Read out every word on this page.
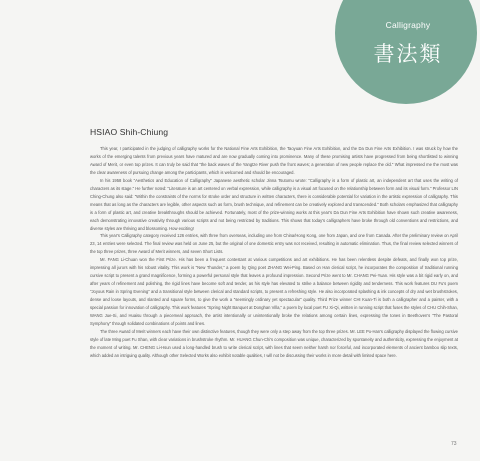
Calligraphy
書法類
HSIAO Shih-Chiung

This year, I participated in the judging of calligraphy works for the National Fine Arts Exhibition, the Taoyuan Fine Arts Exhibition, and the Da Dun Fine Arts Exhibition. I was struck by how the works of the emerging talents from previous years have matured and are now gradually coming into prominence. Many of these promising artists have progressed from being shortlisted to winning Award of Merit, or even top prizes. It can truly be said that "the back waves of the Yangtze River push the front waves; a generation of new people replace the old." What impressed me the most was the clear awareness of pursuing change among the participants, which is welcomed and should be encouraged.

In his 1958 book "Aesthetics and Education of Calligraphy" Japanese aesthetic scholar Jinna Tsutomu wrote: "Calligraphy is a form of plastic art, an independent art that uses the writing of characters as its stage." He further noted: "Literature is an art centered on verbal expression, while calligraphy is a visual art focused on the relationship between form and its visual form." Professor LIN Ching-Chung also said: "Within the constraints of the norms for stroke order and structure in written characters, there is considerable potential for variation in the artistic expression of calligraphy. This means that as long as the characters are legible, other aspects such as form, brush technique, and refinement can be creatively explored and transcended." Both scholars emphasized that calligraphy is a form of plastic art, and creative breakthroughs should be achieved. Fortunately, most of the prize-winning works at this year's Da Dun Fine Arts Exhibition have shown such creative awareness, each demonstrating innovative creativity through various scripts and not being restricted by traditions. This shows that today's calligraphers have broke through old conventions and restrictions, and diverse styles are thriving and blossoming. How exciting!

This year's Calligraphy category received 126 entries, with three from overseas, including one from China/Hong Kong, one from Japan, and one from Canada. After the preliminary review on April 23, 14 entries were selected. The final review was held on June 25, but the original of one domestic entry was not received, resulting in automatic elimination. Thus, the final review selected winners of the top three prizes, three Award of Merit winners, and seven Short Lists.

Mr. FANG Li-Chuan won the First Prize. His has been a frequent contestant at various competitions and art exhibitions. He has been relentless despite defeats, and finally won top prize, impressing all jurors with his robust vitality. This work is "New Thunder," a poem by Qing poet ZHANG Wei-Ping. Based on Han clerical script, he incorporates the composition of traditional running cursive script to present a grand magnificence, forming a powerful personal style that leaves a profound impression. Second Prize went to Mr. CHANG Pei-Yuan. His style was a bit rigid early on, and after years of refinement and polishing, the rigid lines have become soft and tender, as his style has elevated to strike a balance between rigidity and tenderness. This work features DU Fu's poem "Joyous Rain in Spring Evening" and a transitional style between clerical and standard scripts, to present a refreshing style. He also incorporated splashing & ink concepts of dry and wet brushstrokes, dense and loose layouts, and slanted and square forms, to give the work a "seemingly ordinary yet spectacular" quality. Third Prize winner CHI Kuan-Ti is both a calligrapher and a painter, with a special passion for innovation of calligraphy. This work features "Spring Night Banquet at Donghan Villa," a poem by local poet FU Xi-Qi, written in running script that fuses the styles of CHU Chih-Shan, WANG Jue-Si, and Huaisu through a piecemeal approach, the artist intentionally or unintentionally broke the relations among certain lines, expressing the tones in Beethoven's "The Pastoral Symphony" through solidated combinations of points and lines.

The three Award of Merit winners each have their own distinctive features, though they were only a step away from the top three prizes. Mr. LEE Po-Han's calligraphy displayed the flowing cursive style of late Ming poet Fu Shan, with clear variations in brushstroke rhythm. Mr. HUANG Chun-Chi's composition was unique, characterized by spontaneity and authenticity, expressing the enjoyment at the moment of writing. Mr. CHENG Li-Hsun used a long-handled brush to write clerical script, with lines that seem neither harsh nor forceful, and incorporated elements of ancient bamboo slip texts, which added an intriguing quality. Although other Selected Works also exhibit notable qualities, I will not be discussing their works in more detail with limited space here.

73
